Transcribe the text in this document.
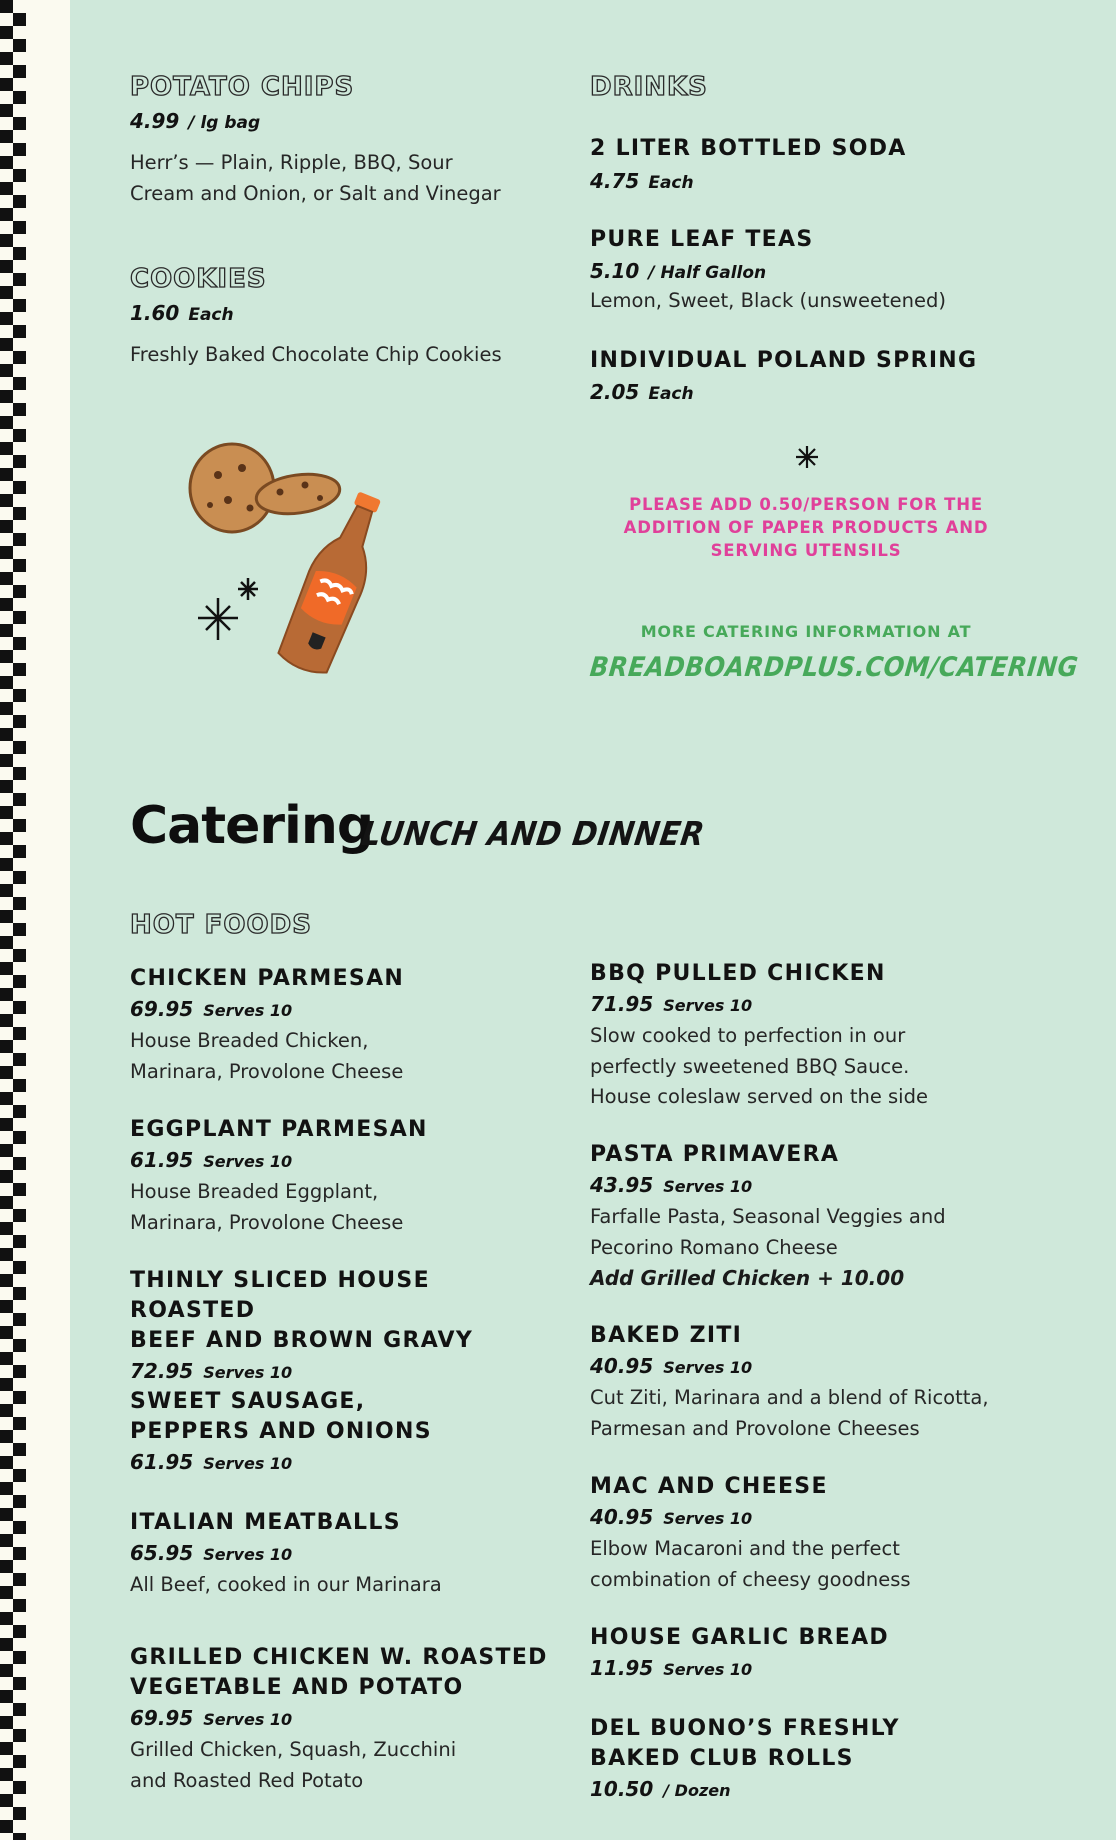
POTATO CHIPS
4.99 / lg bag
Herr’s — Plain, Ripple, BBQ, Sour
Cream and Onion, or Salt and Vinegar
COOKIES
1.60 Each
Freshly Baked Chocolate Chip Cookies
DRINKS
2 LITER BOTTLED SODA
4.75 Each
PURE LEAF TEAS
5.10 / Half Gallon
Lemon, Sweet, Black (unsweetened)
INDIVIDUAL POLAND SPRING
2.05 Each
PLEASE ADD 0.50/PERSON FOR THE
ADDITION OF PAPER PRODUCTS AND
SERVING UTENSILS
MORE CATERING INFORMATION AT
BREADBOARDPLUS.COM/CATERING
Catering
LUNCH AND DINNER
HOT FOODS
CHICKEN PARMESAN
69.95 Serves 10
House Breaded Chicken,
Marinara, Provolone Cheese
EGGPLANT PARMESAN
61.95 Serves 10
House Breaded Eggplant,
Marinara, Provolone Cheese
THINLY SLICED HOUSE ROASTED
BEEF AND BROWN GRAVY
72.95 Serves 10
SWEET SAUSAGE,
PEPPERS AND ONIONS
61.95 Serves 10
ITALIAN MEATBALLS
65.95 Serves 10
All Beef, cooked in our Marinara
GRILLED CHICKEN W. ROASTED
VEGETABLE AND POTATO
69.95 Serves 10
Grilled Chicken, Squash, Zucchini
and Roasted Red Potato
BBQ PULLED CHICKEN
71.95 Serves 10
Slow cooked to perfection in our
perfectly sweetened BBQ Sauce.
House coleslaw served on the side
PASTA PRIMAVERA
43.95 Serves 10
Farfalle Pasta, Seasonal Veggies and
Pecorino Romano Cheese
Add Grilled Chicken + 10.00
BAKED ZITI
40.95 Serves 10
Cut Ziti, Marinara and a blend of Ricotta,
Parmesan and Provolone Cheeses
MAC AND CHEESE
40.95 Serves 10
Elbow Macaroni and the perfect
combination of cheesy goodness
HOUSE GARLIC BREAD
11.95 Serves 10
DEL BUONO’S FRESHLY
BAKED CLUB ROLLS
10.50 / Dozen
